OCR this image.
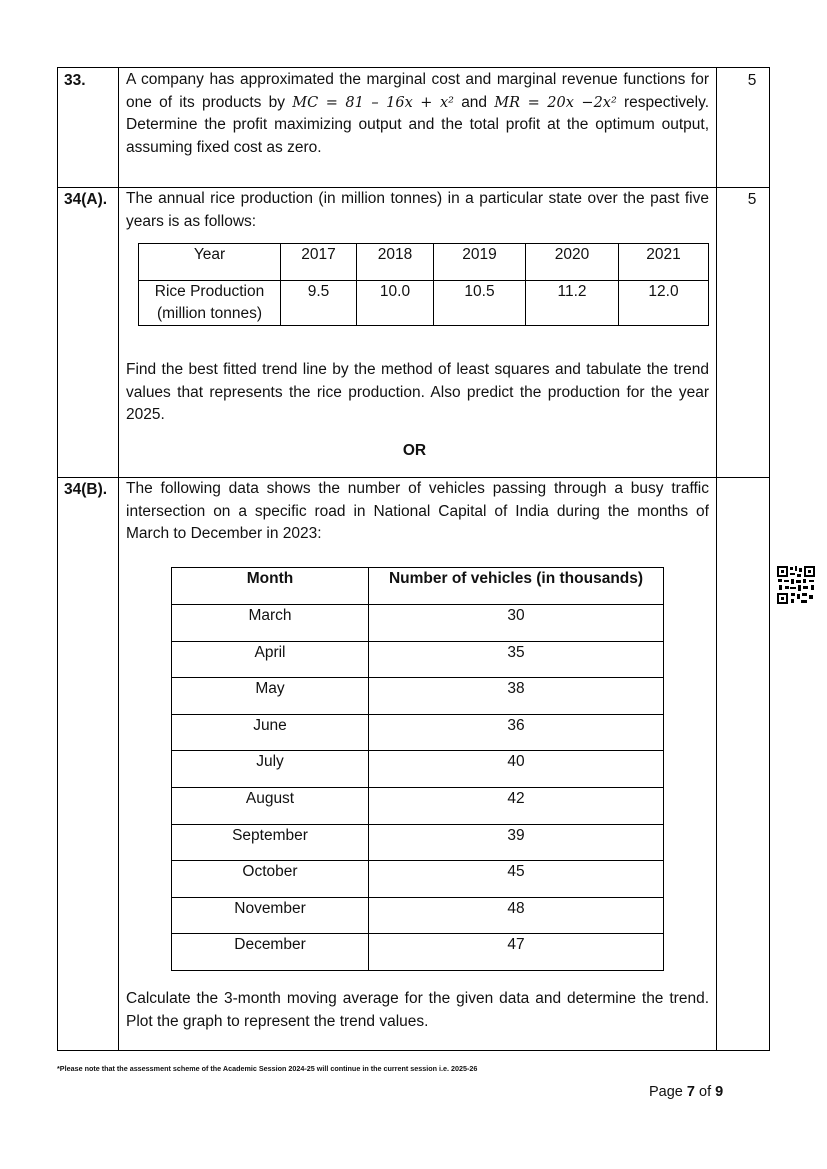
33.	A company has approximated the marginal cost and marginal revenue functions for one of its products by MC = 81 – 16x + x² and MR = 20x −2x² respectively. Determine the profit maximizing output and the total profit at the optimum output, assuming fixed cost as zero.
5
34(A). The annual rice production (in million tonnes) in a particular state over the past five years is as follows:
5
Year	2017	2018	2019	2020	2021

Rice Production
(million tonnes)	9.5	10.0	10.5	11.2	12.0
Find the best fitted trend line by the method of least squares and tabulate the trend values that represents the rice production. Also predict the production for the year 2025.
OR
34(B). The following data shows the number of vehicles passing through a busy traffic intersection on a specific road in National Capital of India during the months of March to December in 2023:
Month	Number of vehicles (in thousands)
March	30
April	35
May	38
June	36
July	40
August	42
September	39
October	45
November	48
December	47
Calculate the 3-month moving average for the given data and determine the trend. Plot the graph to represent the trend values.
*Please note that the assessment scheme of the Academic Session 2024-25 will continue in the current session i.e. 2025-26
Page 7 of 9
